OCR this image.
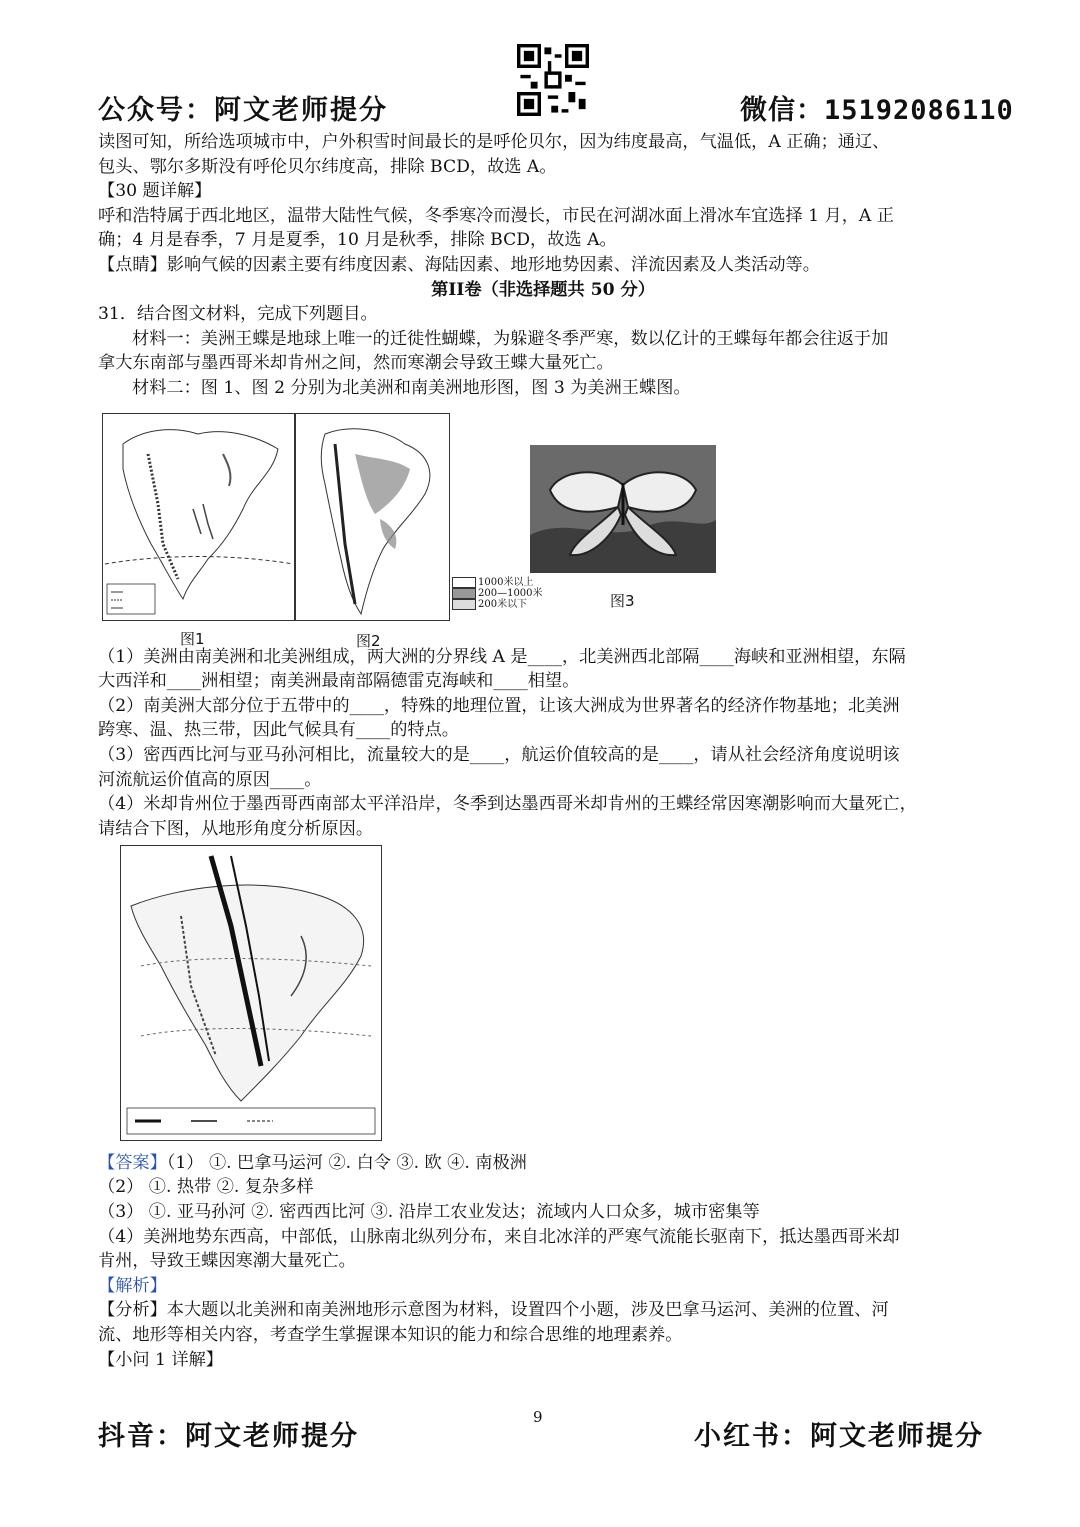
公众号：阿文老师提分	微信：15192086110
读图可知，所给选项城市中，户外积雪时间最长的是呼伦贝尔，因为纬度最高，气温低，A 正确；通辽、
包头、鄂尔多斯没有呼伦贝尔纬度高，排除 BCD，故选 A。
【30 题详解】
呼和浩特属于西北地区，温带大陆性气候，冬季寒冷而漫长，市民在河湖冰面上滑冰车宜选择 1 月，A 正
确；4 月是春季，7 月是夏季，10 月是秋季，排除 BCD，故选 A。
【点睛】影响气候的因素主要有纬度因素、海陆因素、地形地势因素、洋流因素及人类活动等。
第II卷（非选择题共 50 分）
31．结合图文材料，完成下列题目。
材料一：美洲王蝶是地球上唯一的迁徙性蝴蝶，为躲避冬季严寒，数以亿计的王蝶每年都会往返于加
拿大东南部与墨西哥米却肯州之间，然而寒潮会导致王蝶大量死亡。
材料二：图 1、图 2 分别为北美洲和南美洲地形图，图 3 为美洲王蝶图。
1000米以上
200—1000米
200米以下
图1	图2
图3
（1）美洲由南美洲和北美洲组成，两大洲的分界线 A 是____，北美洲西北部隔____海峡和亚洲相望，东隔
大西洋和____洲相望；南美洲最南部隔德雷克海峡和____相望。
（2）南美洲大部分位于五带中的____，特殊的地理位置，让该大洲成为世界著名的经济作物基地；北美洲
跨寒、温、热三带，因此气候具有____的特点。
（3）密西西比河与亚马孙河相比，流量较大的是____，航运价值较高的是____，请从社会经济角度说明该
河流航运价值高的原因____。
（4）米却肯州位于墨西哥西南部太平洋沿岸，冬季到达墨西哥米却肯州的王蝶经常因寒潮影响而大量死亡，
请结合下图，从地形角度分析原因。
【答案】（1） ①. 巴拿马运河 ②. 白令 ③. 欧 ④. 南极洲
（2） ①. 热带 ②. 复杂多样
（3） ①. 亚马孙河 ②. 密西西比河 ③. 沿岸工农业发达；流域内人口众多，城市密集等
（4）美洲地势东西高，中部低，山脉南北纵列分布，来自北冰洋的严寒气流能长驱南下，抵达墨西哥米却
肯州，导致王蝶因寒潮大量死亡。
【解析】
【分析】本大题以北美洲和南美洲地形示意图为材料，设置四个小题，涉及巴拿马运河、美洲的位置、河
流、地形等相关内容，考查学生掌握课本知识的能力和综合思维的地理素养。
【小问 1 详解】
抖音：阿文老师提分
9
小红书：阿文老师提分
